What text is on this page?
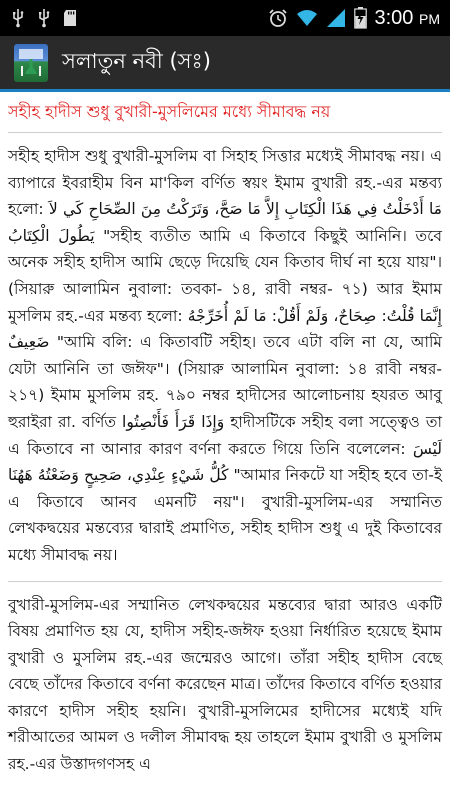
3:00 PM
সলাতুন নবী (সঃ)
সহীহ হাদীস শুধু বুখারী-মুসলিমের মধ্যে সীমাবদ্ধ নয়

সহীহ হাদীস শুধু বুখারী-মুসলিম বা সিহাহ সিত্তার মধ্যেই সীমাবদ্ধ নয়। এ ব্যাপারে ইবরাহীম বিন মা'কিল বর্ণিত স্বয়ং ইমাম বুখারী রহ.-এর মন্তব্য হলো: مَا أَدْخَلْتُ فِي هَذَا الْكِتَابِ إِلاَّ مَا صَحَّ، وَتَرَكْتُ مِنَ الصِّحَاحِ كَي لاَ يَطُولَ الْكِتَابُ "সহীহ ব্যতীত আমি এ কিতাবে কিছুই আনিনি। তবে অনেক সহীহ হাদীস আমি ছেড়ে দিয়েছি যেন কিতাব দীর্ঘ না হয়ে যায়"। (সিয়ারু আলামিন নুবালা: তবকা- ১৪, রাবী নম্বর- ৭১) আর ইমাম মুসলিম রহ.-এর মন্তব্য হলো: إِنَّمَا قُلْتُ: صِحَاحٌ، وَلَمْ أَقُلْ: مَا لَمْ أُخَرِّجْهُ ضَعِيفٌ "আমি বলি: এ কিতাবটি সহীহ। তবে এটা বলি না যে, আমি যেটা আনিনি তা জঈফ"। (সিয়ারু আলামিন নুবালা: ১৪ রাবী নম্বর- ২১৭) ইমাম মুসলিম রহ. ৭৯০ নম্বর হাদীসের আলোচনায় হযরত আবু হুরাইরা রা. বর্ণিত وَإِذَا قَرَأَ فَأَنْصِتُوا হাদীসটিকে সহীহ বলা সত্ত্বেও তা এ কিতাবে না আনার কারণ বর্ণনা করতে গিয়ে তিনি বলেলেন: لَيْسَ كُلُّ شَيْءٍ عِنْدِي، صَحِيحٍ وَضَعْتُهُ هَهُنَا "আমার নিকটে যা সহীহ হবে তা-ই এ কিতাবে আনব এমনটি নয়"। বুখারী-মুসলিম-এর সম্মানিত লেখকদ্বয়ের মন্তব্যের দ্বারাই প্রমাণিত, সহীহ হাদীস শুধু এ দুই কিতাবের মধ্যে সীমাবদ্ধ নয়।

বুখারী-মুসলিম-এর সম্মানিত লেখকদ্বয়ের মন্তব্যের দ্বারা আরও একটি বিষয় প্রমাণিত হয় যে, হাদীস সহীহ-জঈফ হওয়া নির্ধারিত হয়েছে ইমাম বুখারী ও মুসলিম রহ.-এর জন্মেরও আগে। তাঁরা সহীহ হাদীস বেছে বেছে তাঁদের কিতাবে বর্ণনা করেছেন মাত্র। তাঁদের কিতাবে বর্ণিত হওয়ার কারণে হাদীস সহীহ হয়নি। বুখারী-মুসলিমের হাদীসের মধ্যেই যদি শরীআতের আমল ও দলীল সীমাবদ্ধ হয় তাহলে ইমাম বুখারী ও মুসলিম রহ.-এর উস্তাদগণসহ এ
